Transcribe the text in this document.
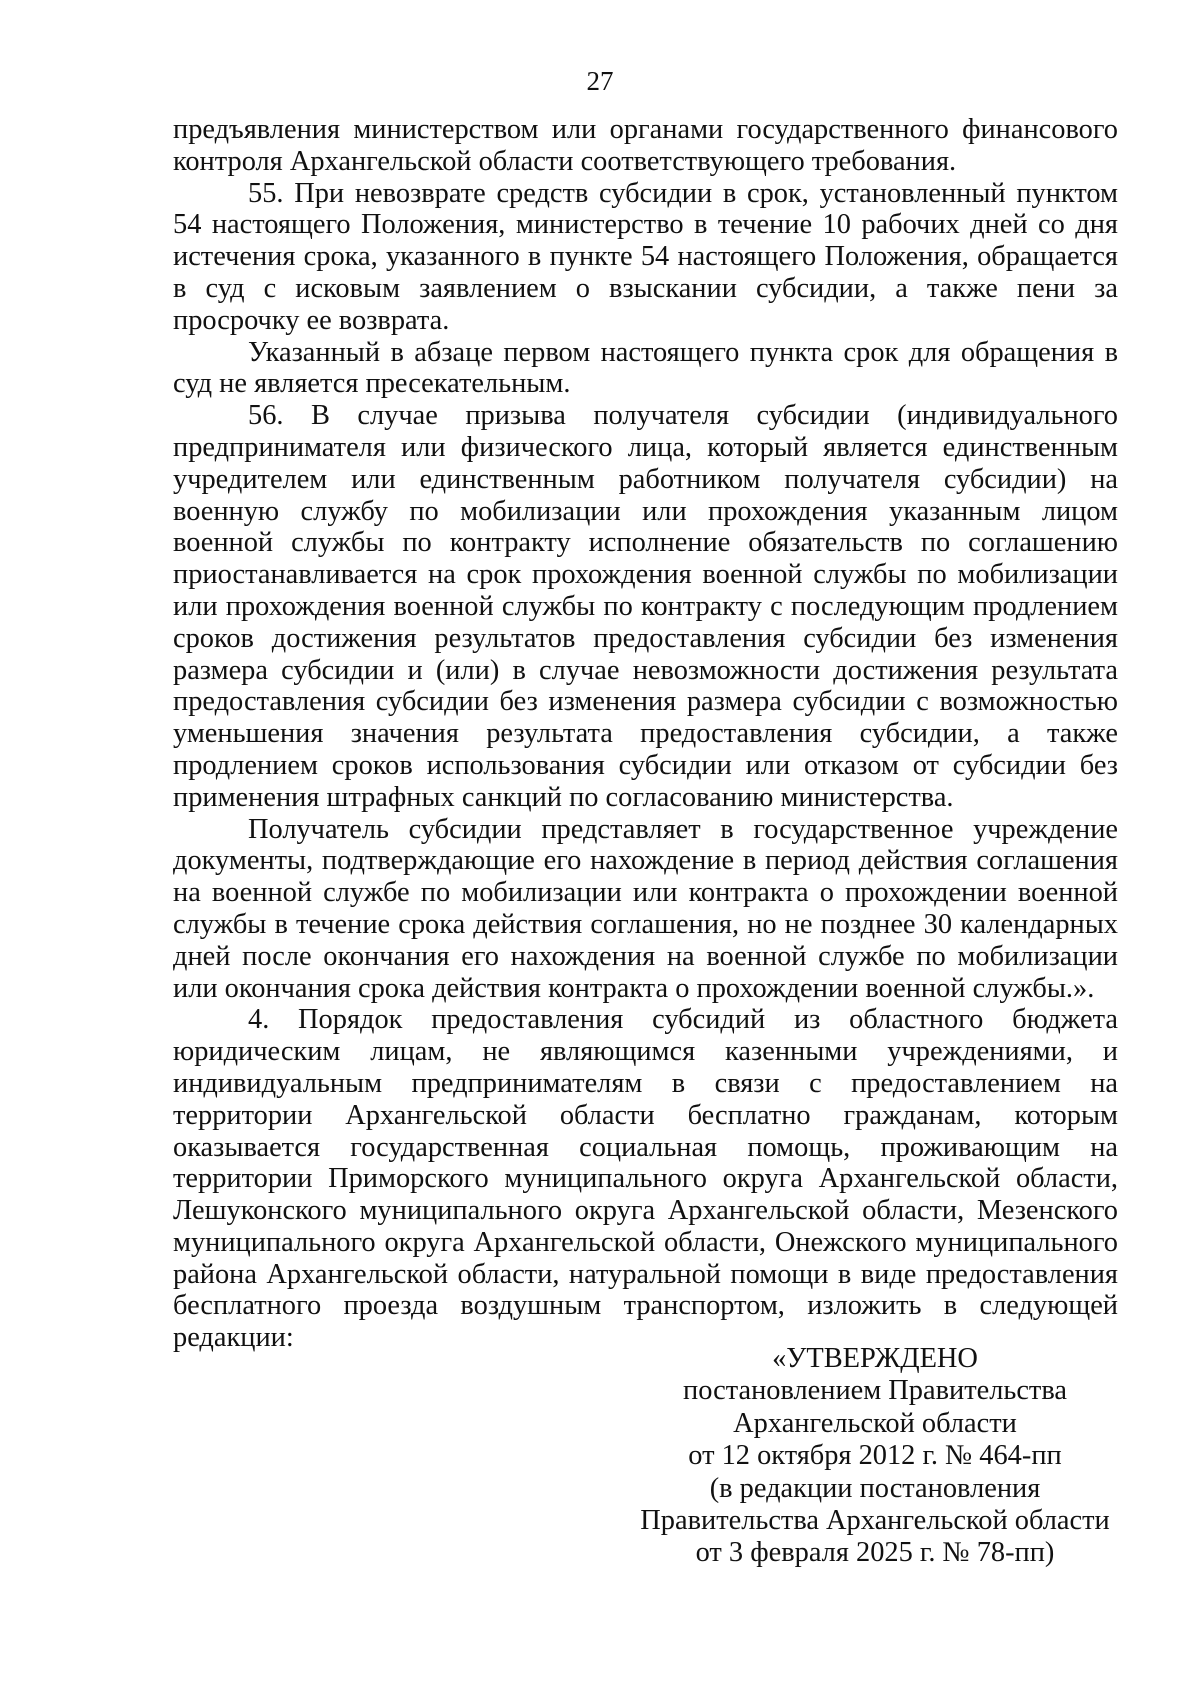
27

предъявления министерством или органами государственного финансового контроля Архангельской области соответствующего требования.

55. При невозврате средств субсидии в срок, установленный пунктом 54 настоящего Положения, министерство в течение 10 рабочих дней со дня истечения срока, указанного в пункте 54 настоящего Положения, обращается в суд с исковым заявлением о взыскании субсидии, а также пени за просрочку ее возврата.

Указанный в абзаце первом настоящего пункта срок для обращения в суд не является пресекательным.

56. В случае призыва получателя субсидии (индивидуального предпринимателя или физического лица, который является единственным учредителем или единственным работником получателя субсидии) на военную службу по мобилизации или прохождения указанным лицом военной службы по контракту исполнение обязательств по соглашению приостанавливается на срок прохождения военной службы по мобилизации или прохождения военной службы по контракту с последующим продлением сроков достижения результатов предоставления субсидии без изменения размера субсидии и (или) в случае невозможности достижения результата предоставления субсидии без изменения размера субсидии с возможностью уменьшения значения результата предоставления субсидии, а также продлением сроков использования субсидии или отказом от субсидии без применения штрафных санкций по согласованию министерства.

Получатель субсидии представляет в государственное учреждение документы, подтверждающие его нахождение в период действия соглашения на военной службе по мобилизации или контракта о прохождении военной службы в течение срока действия соглашения, но не позднее 30 календарных дней после окончания его нахождения на военной службе по мобилизации или окончания срока действия контракта о прохождении военной службы.».

4. Порядок предоставления субсидий из областного бюджета юридическим лицам, не являющимся казенными учреждениями, и индивидуальным предпринимателям в связи с предоставлением на территории Архангельской области бесплатно гражданам, которым оказывается государственная социальная помощь, проживающим на территории Приморского муниципального округа Архангельской области, Лешуконского муниципального округа Архангельской области, Мезенского муниципального округа Архангельской области, Онежского муниципального района Архангельской области, натуральной помощи в виде предоставления бесплатного проезда воздушным транспортом, изложить в следующей редакции:

«УТВЕРЖДЕНО
постановлением Правительства
Архангельской области
от 12 октября 2012 г. № 464-пп
(в редакции постановления
Правительства Архангельской области
от 3 февраля 2025 г. № 78-пп)
